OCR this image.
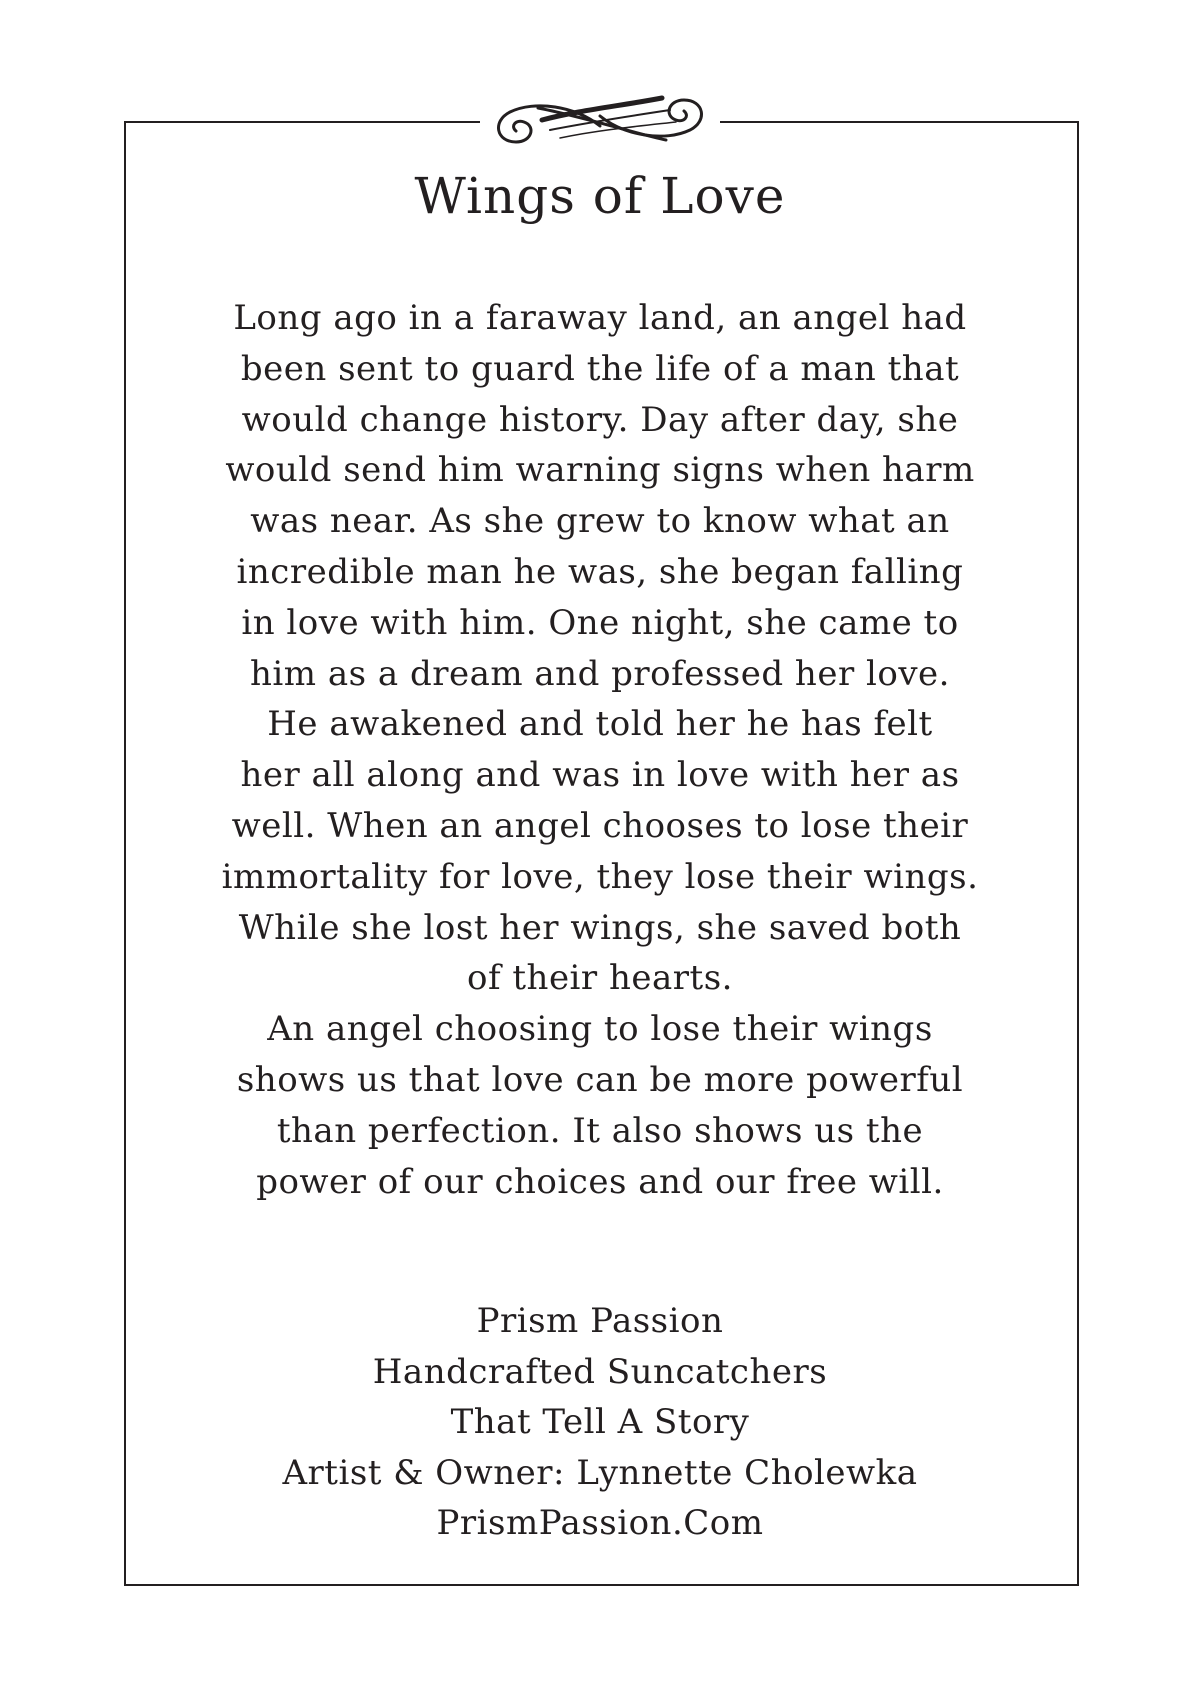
Wings of Love
Long ago in a faraway land, an angel had
been sent to guard the life of a man that
would change history. Day after day, she
would send him warning signs when harm
was near. As she grew to know what an
incredible man he was, she began falling
in love with him. One night, she came to
him as a dream and professed her love.
He awakened and told her he has felt
her all along and was in love with her as
well. When an angel chooses to lose their
immortality for love, they lose their wings.
While she lost her wings, she saved both
of their hearts.
An angel choosing to lose their wings
shows us that love can be more powerful
than perfection. It also shows us the
power of our choices and our free will.
Prism Passion
Handcrafted Suncatchers
That Tell A Story
Artist & Owner: Lynnette Cholewka
PrismPassion.Com
